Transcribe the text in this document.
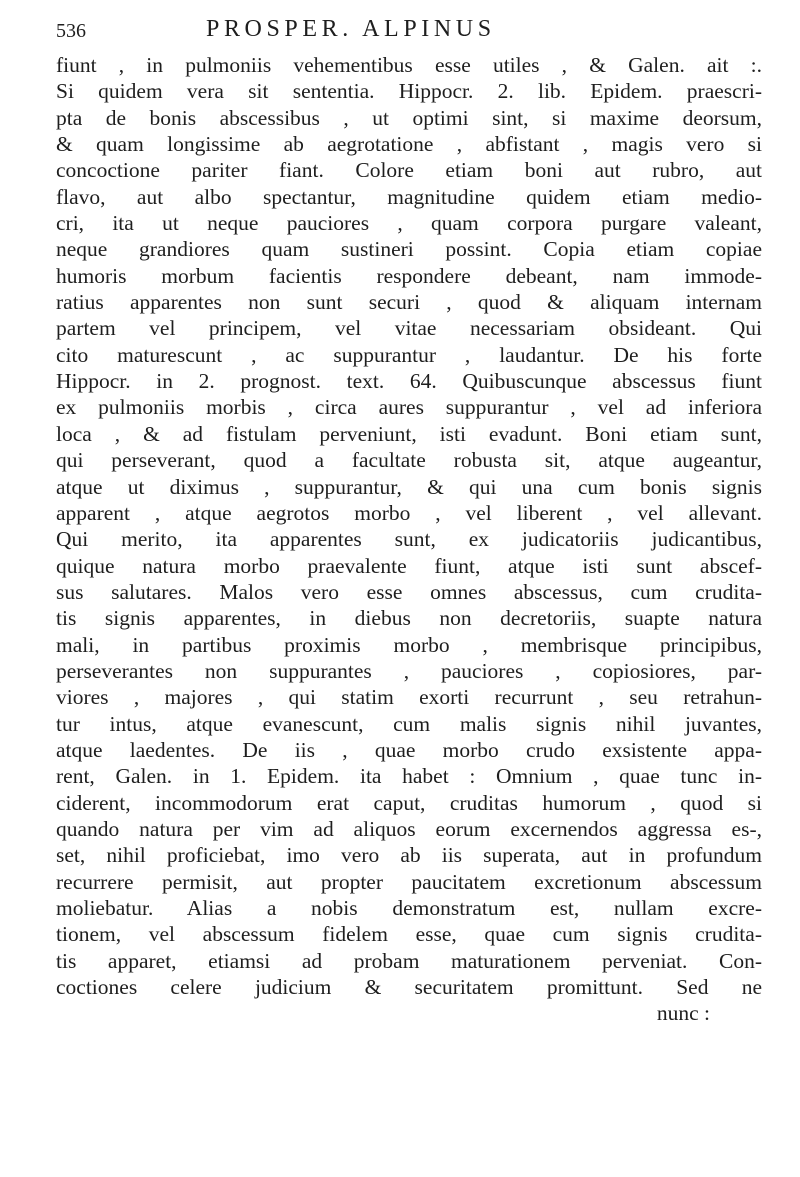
536	PROSPER. ALPINUS
fiunt , in pulmoniis vehementibus esse utiles , & Galen. ait :.
Si quidem vera sit sententia. Hippocr. 2. lib. Epidem. praescri-
pta de bonis abscessibus , ut optimi sint, si maxime deorsum,
& quam longissime ab aegrotatione , abfistant , magis vero si
concoctione pariter fiant. Colore etiam boni aut rubro, aut
flavo, aut albo spectantur, magnitudine quidem etiam medio-
cri, ita ut neque pauciores , quam corpora purgare valeant,
neque grandiores quam sustineri possint. Copia etiam copiae
humoris morbum facientis respondere debeant, nam immode-
ratius apparentes non sunt securi , quod & aliquam internam
partem vel principem, vel vitae necessariam obsideant. Qui
cito maturescunt , ac suppurantur , laudantur. De his forte
Hippocr. in 2. prognost. text. 64. Quibuscunque abscessus fiunt
ex pulmoniis morbis , circa aures suppurantur , vel ad inferiora
loca , & ad fistulam perveniunt, isti evadunt. Boni etiam sunt,
qui perseverant, quod a facultate robusta sit, atque augeantur,
atque ut diximus , suppurantur, & qui una cum bonis signis
apparent , atque aegrotos morbo , vel liberent , vel allevant.
Qui merito, ita apparentes sunt, ex judicatoriis judicantibus,
quique natura morbo praevalente fiunt, atque isti sunt abscef-
sus salutares. Malos vero esse omnes abscessus, cum crudita-
tis signis apparentes, in diebus non decretoriis, suapte natura
mali, in partibus proximis morbo , membrisque principibus,
perseverantes non suppurantes , pauciores , copiosiores, par-
viores , majores , qui statim exorti recurrunt , seu retrahun-
tur intus, atque evanescunt, cum malis signis nihil juvantes,
atque laedentes. De iis , quae morbo crudo exsistente appa-
rent, Galen. in 1. Epidem. ita habet : Omnium , quae tunc in-
ciderent, incommodorum erat caput, cruditas humorum , quod si
quando natura per vim ad aliquos eorum excernendos aggressa es-,
set, nihil proficiebat, imo vero ab iis superata, aut in profundum
recurrere permisit, aut propter paucitatem excretionum abscessum
moliebatur. Alias a nobis demonstratum est, nullam excre-
tionem, vel abscessum fidelem esse, quae cum signis crudita-
tis apparet, etiamsi ad probam maturationem perveniat. Con-
coctiones celere judicium & securitatem promittunt. Sed ne
nunc :
